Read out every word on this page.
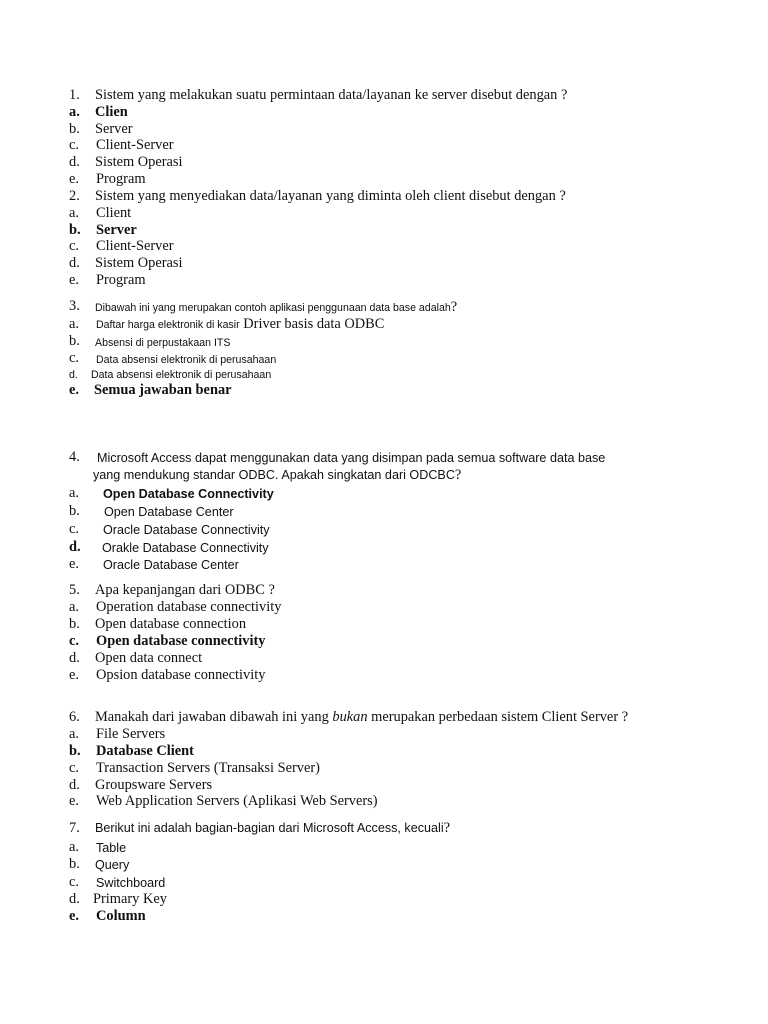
1. Sistem yang melakukan suatu permintaan data/layanan ke server disebut dengan ?
a. Clien
b. Server
c. Client-Server
d. Sistem Operasi
e. Program
2. Sistem yang menyediakan data/layanan yang diminta oleh client disebut dengan ?
a. Client
b. Server
c. Client-Server
d. Sistem Operasi
e. Program
3. Dibawah ini yang merupakan contoh aplikasi penggunaan data base adalah?
a. Daftar harga elektronik di kasir Driver basis data ODBC
b. Absensi di perpustakaan ITS
c. Data absensi elektronik di perusahaan
d. Data absensi elektronik di perusahaan
e. Semua jawaban benar
4. Microsoft Access dapat menggunakan data yang disimpan pada semua software data base
yang mendukung standar ODBC. Apakah singkatan dari ODCBC?
a. Open Database Connectivity
b. Open Database Center
c. Oracle Database Connectivity
d. Orakle Database Connectivity
e. Oracle Database Center
5. Apa kepanjangan dari ODBC ?
a. Operation database connectivity
b. Open database connection
c. Open database connectivity
d. Open data connect
e. Opsion database connectivity
6. Manakah dari jawaban dibawah ini yang bukan merupakan perbedaan sistem Client Server ?
a. File Servers
b. Database Client
c. Transaction Servers (Transaksi Server)
d. Groupsware Servers
e. Web Application Servers (Aplikasi Web Servers)
7. Berikut ini adalah bagian-bagian dari Microsoft Access, kecuali?
a. Table
b. Query
c. Switchboard
d. Primary Key
e. Column
